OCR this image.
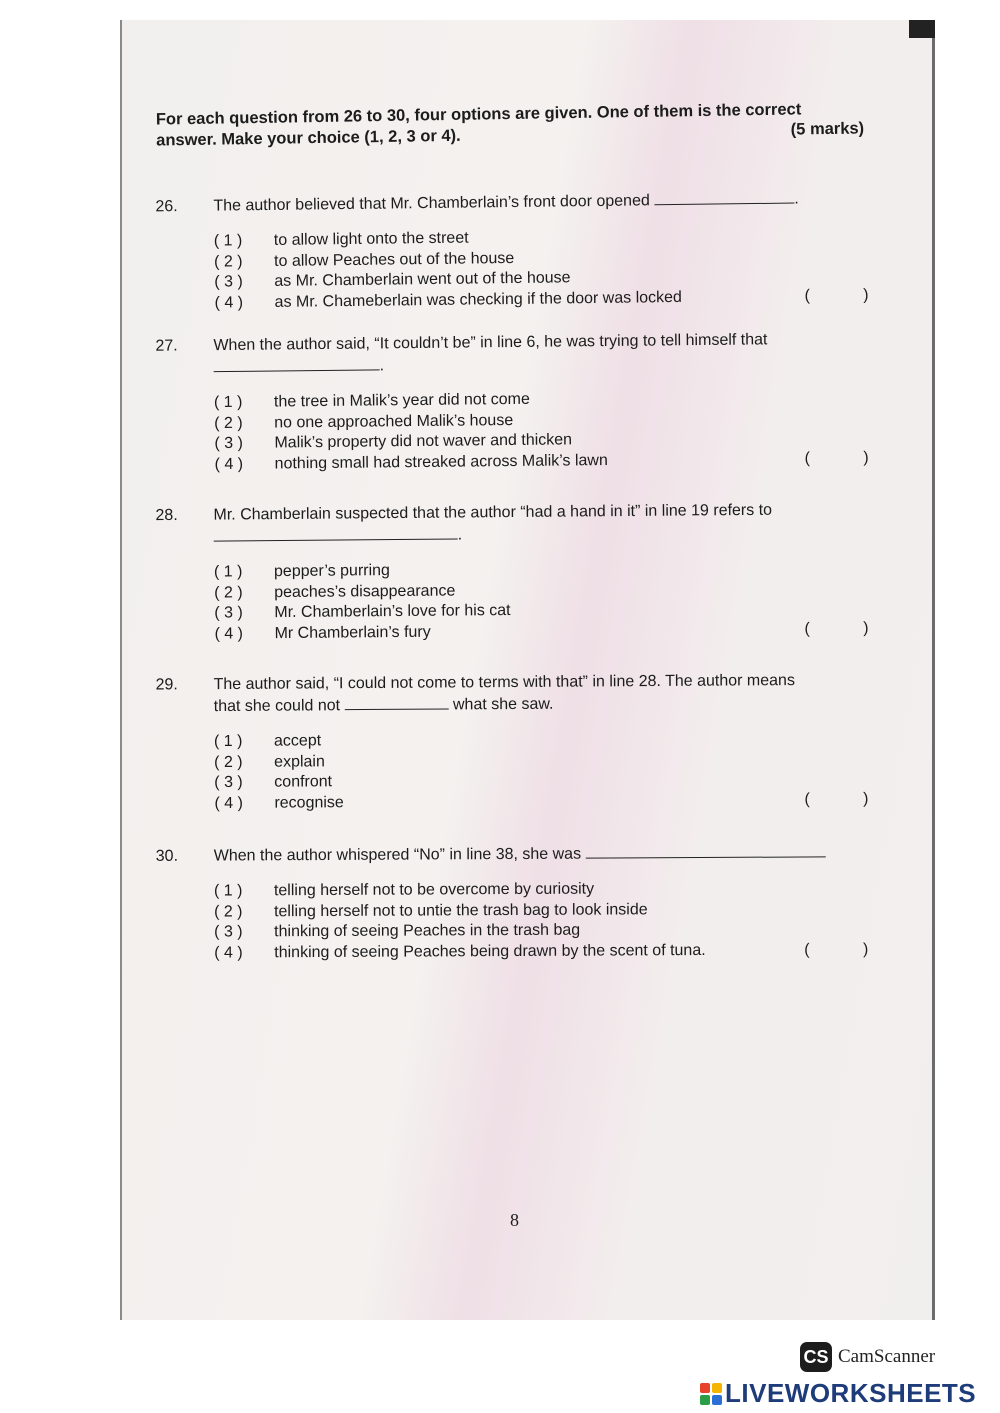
For each question from 26 to 30, four options are given. One of them is the correct answer. Make your choice (1, 2, 3 or 4).	(5 marks)
26.	The author believed that Mr. Chamberlain’s front door opened	.
( 1 )	to allow light onto the street
( 2 )	to allow Peaches out of the house
( 3 )	as Mr. Chamberlain went out of the house
( 4 )	as Mr. Chameberlain was checking if the door was locked	(	)
27.	When the author said, “It couldn’t be” in line 6, he was trying to tell himself that
.
( 1 )	the tree in Malik’s year did not come
( 2 )	no one approached Malik’s house
( 3 )	Malik’s property did not waver and thicken
( 4 )	nothing small had streaked across Malik’s lawn	(	)
28.	Mr. Chamberlain suspected that the author “had a hand in it” in line 19 refers to
.
( 1 )	pepper’s purring
( 2 )	peaches’s disappearance
( 3 )	Mr. Chamberlain’s love for his cat
( 4 )	Mr Chamberlain’s fury	(	)
29.	The author said, “I could not come to terms with that” in line 28. The author means
that she could not	what she saw.
( 1 )	accept
( 2 )	explain
( 3 )	confront
( 4 )	recognise	(	)
30.	When the author whispered “No” in line 38, she was
( 1 )	telling herself not to be overcome by curiosity
( 2 )	telling herself not to untie the trash bag to look inside
( 3 )	thinking of seeing Peaches in the trash bag
( 4 )	thinking of seeing Peaches being drawn by the scent of tuna.	(	)
8
CS CamScanner
LIVEWORKSHEETS
